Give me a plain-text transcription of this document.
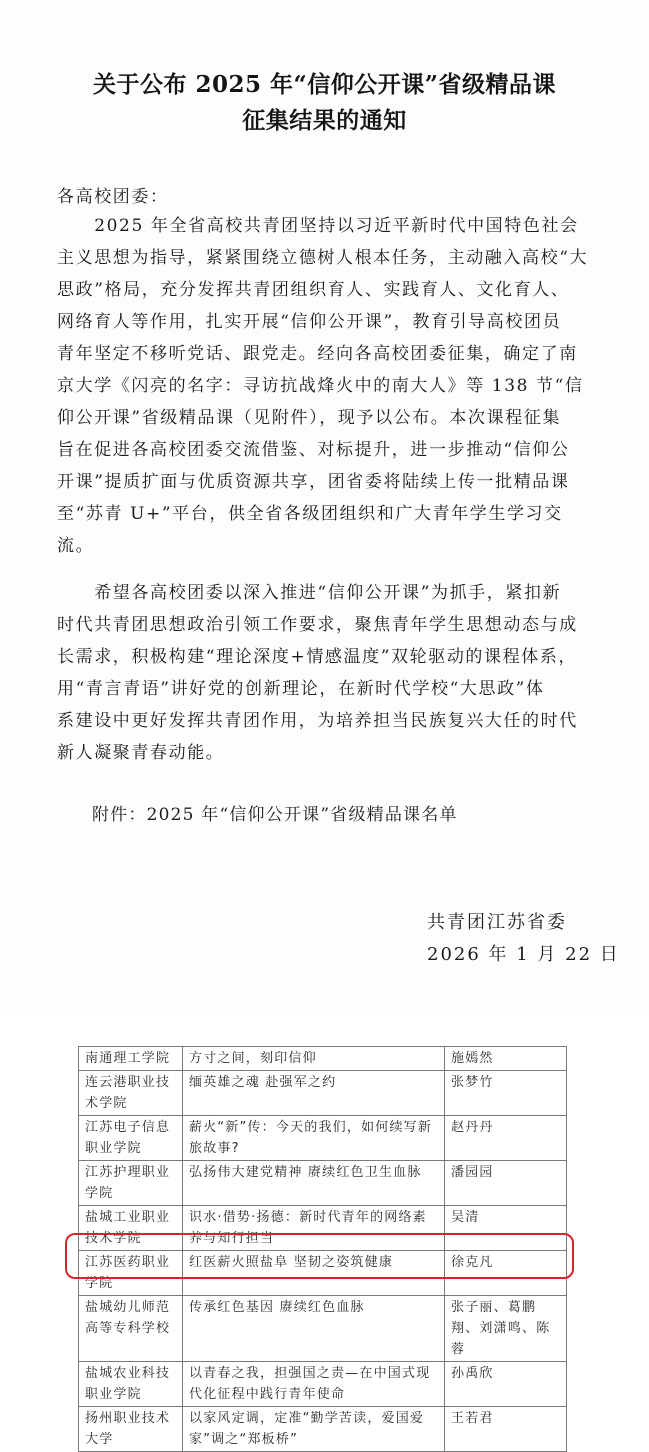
关于公布 2025 年“信仰公开课”省级精品课
征集结果的通知
各高校团委：
　　2025 年全省高校共青团坚持以习近平新时代中国特色社会
主义思想为指导，紧紧围绕立德树人根本任务，主动融入高校“大
思政”格局，充分发挥共青团组织育人、实践育人、文化育人、
网络育人等作用，扎实开展“信仰公开课”，教育引导高校团员
青年坚定不移听党话、跟党走。经向各高校团委征集，确定了南
京大学《闪亮的名字：寻访抗战烽火中的南大人》等 138 节“信
仰公开课”省级精品课（见附件），现予以公布。本次课程征集
旨在促进各高校团委交流借鉴、对标提升，进一步推动“信仰公
开课”提质扩面与优质资源共享，团省委将陆续上传一批精品课
至“苏青 U+”平台，供全省各级团组织和广大青年学生学习交
流。
　　希望各高校团委以深入推进“信仰公开课”为抓手，紧扣新
时代共青团思想政治引领工作要求，聚焦青年学生思想动态与成
长需求，积极构建“理论深度+情感温度”双轮驱动的课程体系，
用“青言青语”讲好党的创新理论，在新时代学校“大思政”体
系建设中更好发挥共青团作用，为培养担当民族复兴大任的时代
新人凝聚青春动能。
附件：2025 年“信仰公开课”省级精品课名单
共青团江苏省委
2026 年 1 月 22 日
南通理工学院	方寸之间，刻印信仰	施嫣然
连云港职业技术学院	缅英雄之魂 赴强军之约	张梦竹
江苏电子信息职业学院	薪火“新”传：今天的我们，如何续写新旅故事?	赵丹丹
江苏护理职业学院	弘扬伟大建党精神 赓续红色卫生血脉	潘园园
盐城工业职业技术学院	识水·借势·扬德：新时代青年的网络素养与知行担当	吴清
江苏医药职业学院	红医薪火照盐阜 坚韧之姿筑健康	徐克凡
盐城幼儿师范高等专科学校	传承红色基因 赓续红色血脉	张子丽、葛鹏翔、刘潇鸣、陈蓉
盐城农业科技职业学院	以青春之我，担强国之责—在中国式现代化征程中践行青年使命	孙禹欣
扬州职业技术大学	以家风定调，定准“勤学苦读，爱国爱家”调之“郑板桥”	王若君
